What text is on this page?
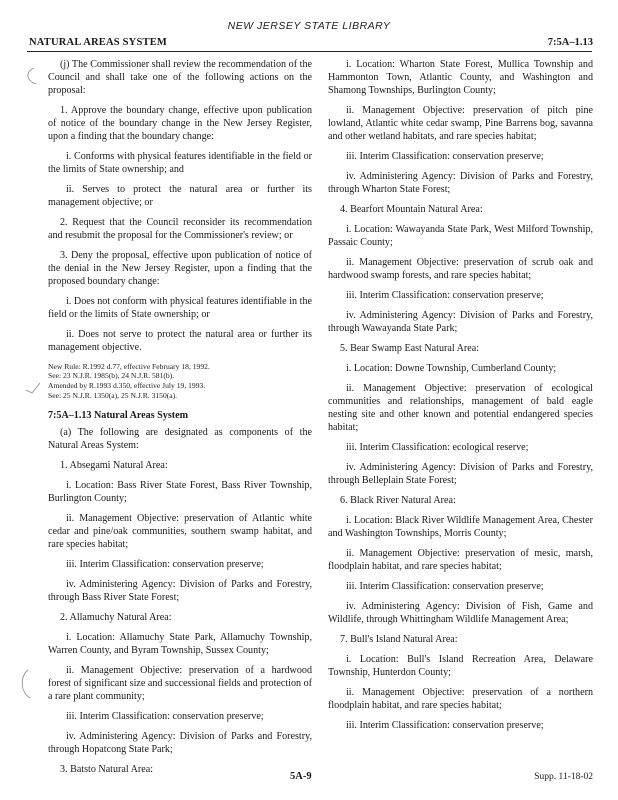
NEW JERSEY STATE LIBRARY
NATURAL AREAS SYSTEM	7:5A–1.13

(j) The Commissioner shall review the recommendation of the Council and shall take one of the following actions on the proposal:

1. Approve the boundary change, effective upon publication of notice of the boundary change in the New Jersey Register, upon a finding that the boundary change:

i. Conforms with physical features identifiable in the field or the limits of State ownership; and

ii. Serves to protect the natural area or further its management objective; or

2. Request that the Council reconsider its recommendation and resubmit the proposal for the Commissioner's review; or

3. Deny the proposal, effective upon publication of notice of the denial in the New Jersey Register, upon a finding that the proposed boundary change:

i. Does not conform with physical features identifiable in the field or the limits of State ownership; or

ii. Does not serve to protect the natural area or further its management objective.

New Rule: R.1992 d.77, effective February 18, 1992.
See: 23 N.J.R. 1985(b), 24 N.J.R. 581(b).
Amended by R.1993 d.350, effective July 19, 1993.
See: 25 N.J.R. 1350(a), 25 N.J.R. 3150(a).
7:5A–1.13 Natural Areas System

(a) The following are designated as components of the Natural Areas System:

1. Absegami Natural Area:

i. Location: Bass River State Forest, Bass River Township, Burlington County;

ii. Management Objective: preservation of Atlantic white cedar and pine/oak communities, southern swamp habitat, and rare species habitat;

iii. Interim Classification: conservation preserve;

iv. Administering Agency: Division of Parks and Forestry, through Bass River State Forest;

2. Allamuchy Natural Area:

i. Location: Allamuchy State Park, Allamuchy Township, Warren County, and Byram Township, Sussex County;

ii. Management Objective: preservation of a hardwood forest of significant size and successional fields and protection of a rare plant community;

iii. Interim Classification: conservation preserve;

iv. Administering Agency: Division of Parks and Forestry, through Hopatcong State Park;

3. Batsto Natural Area:

i. Location: Wharton State Forest, Mullica Township and Hammonton Town, Atlantic County, and Washington and Shamong Townships, Burlington County;

ii. Management Objective: preservation of pitch pine lowland, Atlantic white cedar swamp, Pine Barrens bog, savanna and other wetland habitats, and rare species habitat;

iii. Interim Classification: conservation preserve;

iv. Administering Agency: Division of Parks and Forestry, through Wharton State Forest;

4. Bearfort Mountain Natural Area:

i. Location: Wawayanda State Park, West Milford Township, Passaic County;

ii. Management Objective: preservation of scrub oak and hardwood swamp forests, and rare species habitat;

iii. Interim Classification: conservation preserve;

iv. Administering Agency: Division of Parks and Forestry, through Wawayanda State Park;

5. Bear Swamp East Natural Area:

i. Location: Downe Township, Cumberland County;

ii. Management Objective: preservation of ecological communities and relationships, management of bald eagle nesting site and other known and potential endangered species habitat;

iii. Interim Classification: ecological reserve;

iv. Administering Agency: Division of Parks and Forestry, through Belleplain State Forest;

6. Black River Natural Area:

i. Location: Black River Wildlife Management Area, Chester and Washington Townships, Morris County;

ii. Management Objective: preservation of mesic, marsh, floodplain habitat, and rare species habitat;

iii. Interim Classification: conservation preserve;

iv. Administering Agency: Division of Fish, Game and Wildlife, through Whittingham Wildlife Management Area;

7. Bull's Island Natural Area:

i. Location: Bull's Island Recreation Area, Delaware Township, Hunterdon County;

ii. Management Objective: preservation of a northern floodplain habitat, and rare species habitat;

iii. Interim Classification: conservation preserve;

5A-9	Supp. 11-18-02
